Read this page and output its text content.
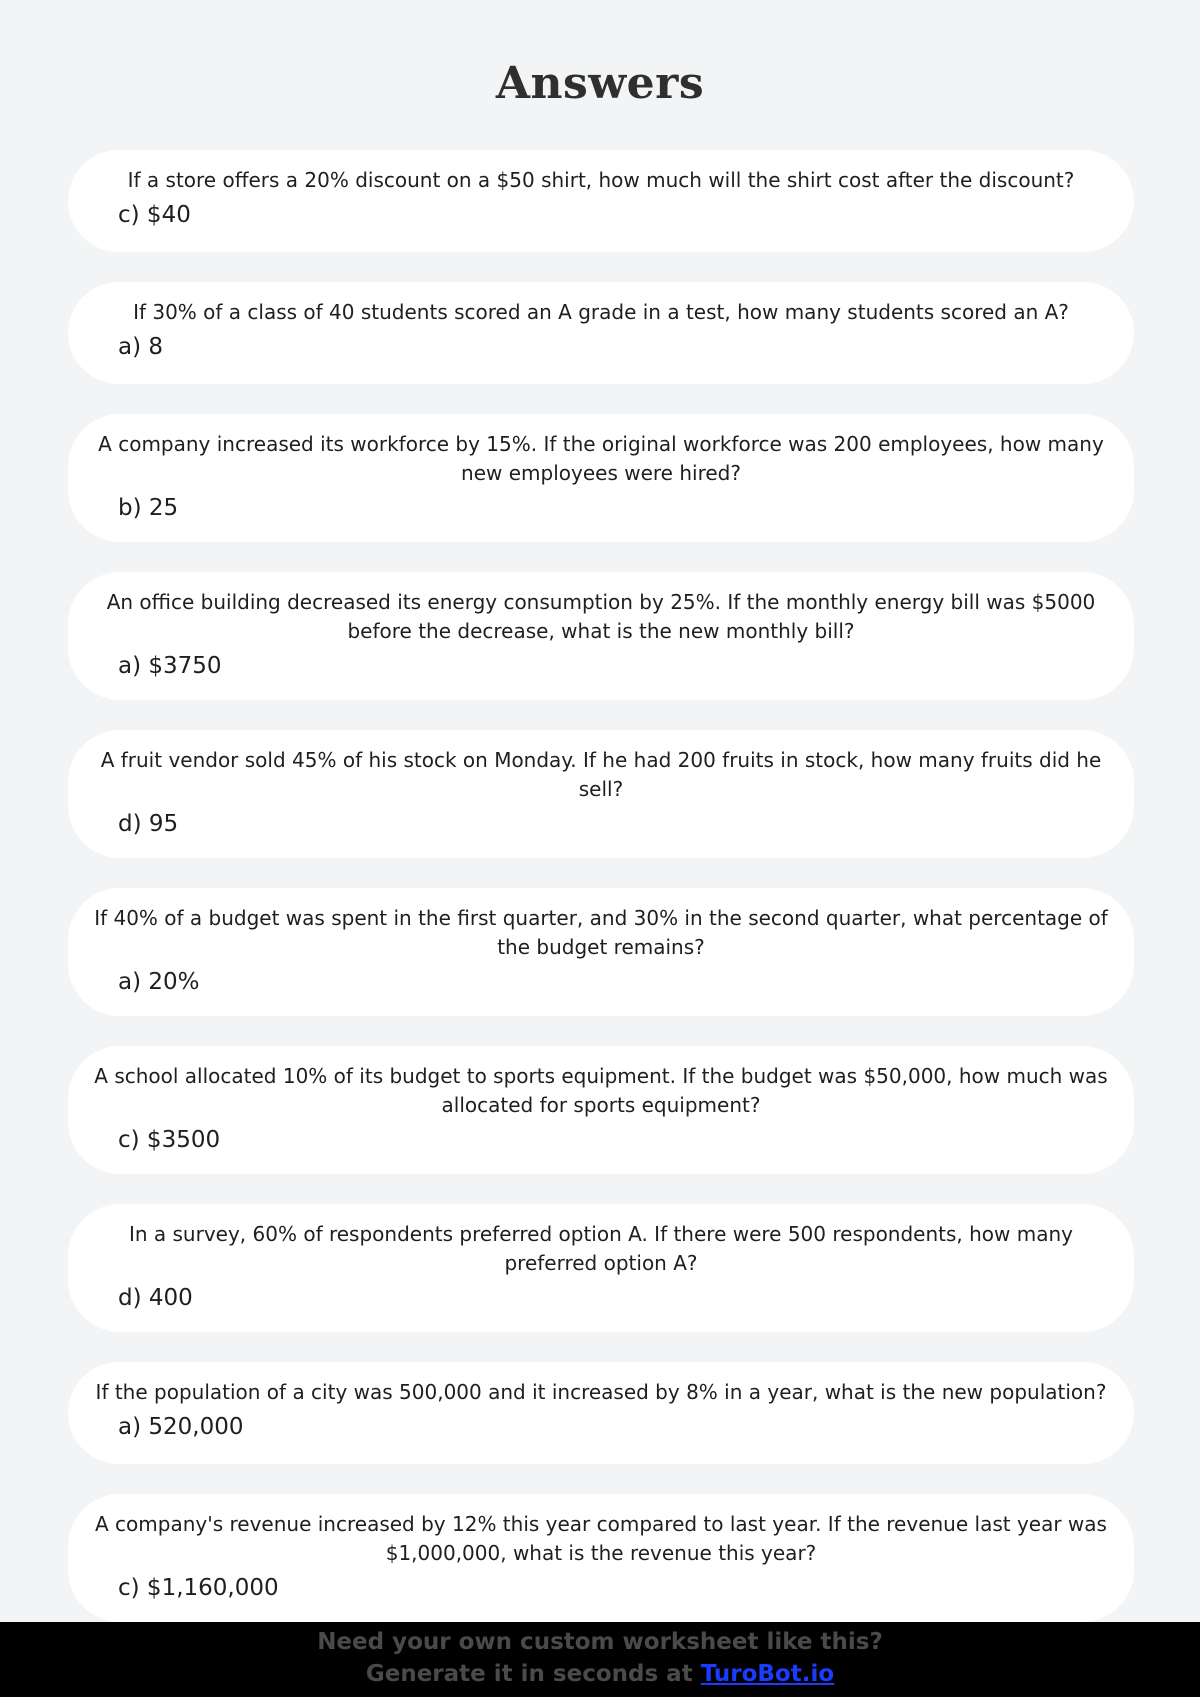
Answers

If a store offers a 20% discount on a $50 shirt, how much will the shirt cost after the discount?

c) $40

If 30% of a class of 40 students scored an A grade in a test, how many students scored an A?

a) 8

A company increased its workforce by 15%. If the original workforce was 200 employees, how many new employees were hired?

b) 25

An office building decreased its energy consumption by 25%. If the monthly energy bill was $5000 before the decrease, what is the new monthly bill?

a) $3750

A fruit vendor sold 45% of his stock on Monday. If he had 200 fruits in stock, how many fruits did he sell?

d) 95

If 40% of a budget was spent in the first quarter, and 30% in the second quarter, what percentage of the budget remains?

a) 20%

A school allocated 10% of its budget to sports equipment. If the budget was $50,000, how much was allocated for sports equipment?

c) $3500

In a survey, 60% of respondents preferred option A. If there were 500 respondents, how many preferred option A?

d) 400

If the population of a city was 500,000 and it increased by 8% in a year, what is the new population?

a) 520,000

A company's revenue increased by 12% this year compared to last year. If the revenue last year was $1,000,000, what is the revenue this year?

c) $1,160,000

Need your own custom worksheet like this?
Generate it in seconds at TuroBot.io
